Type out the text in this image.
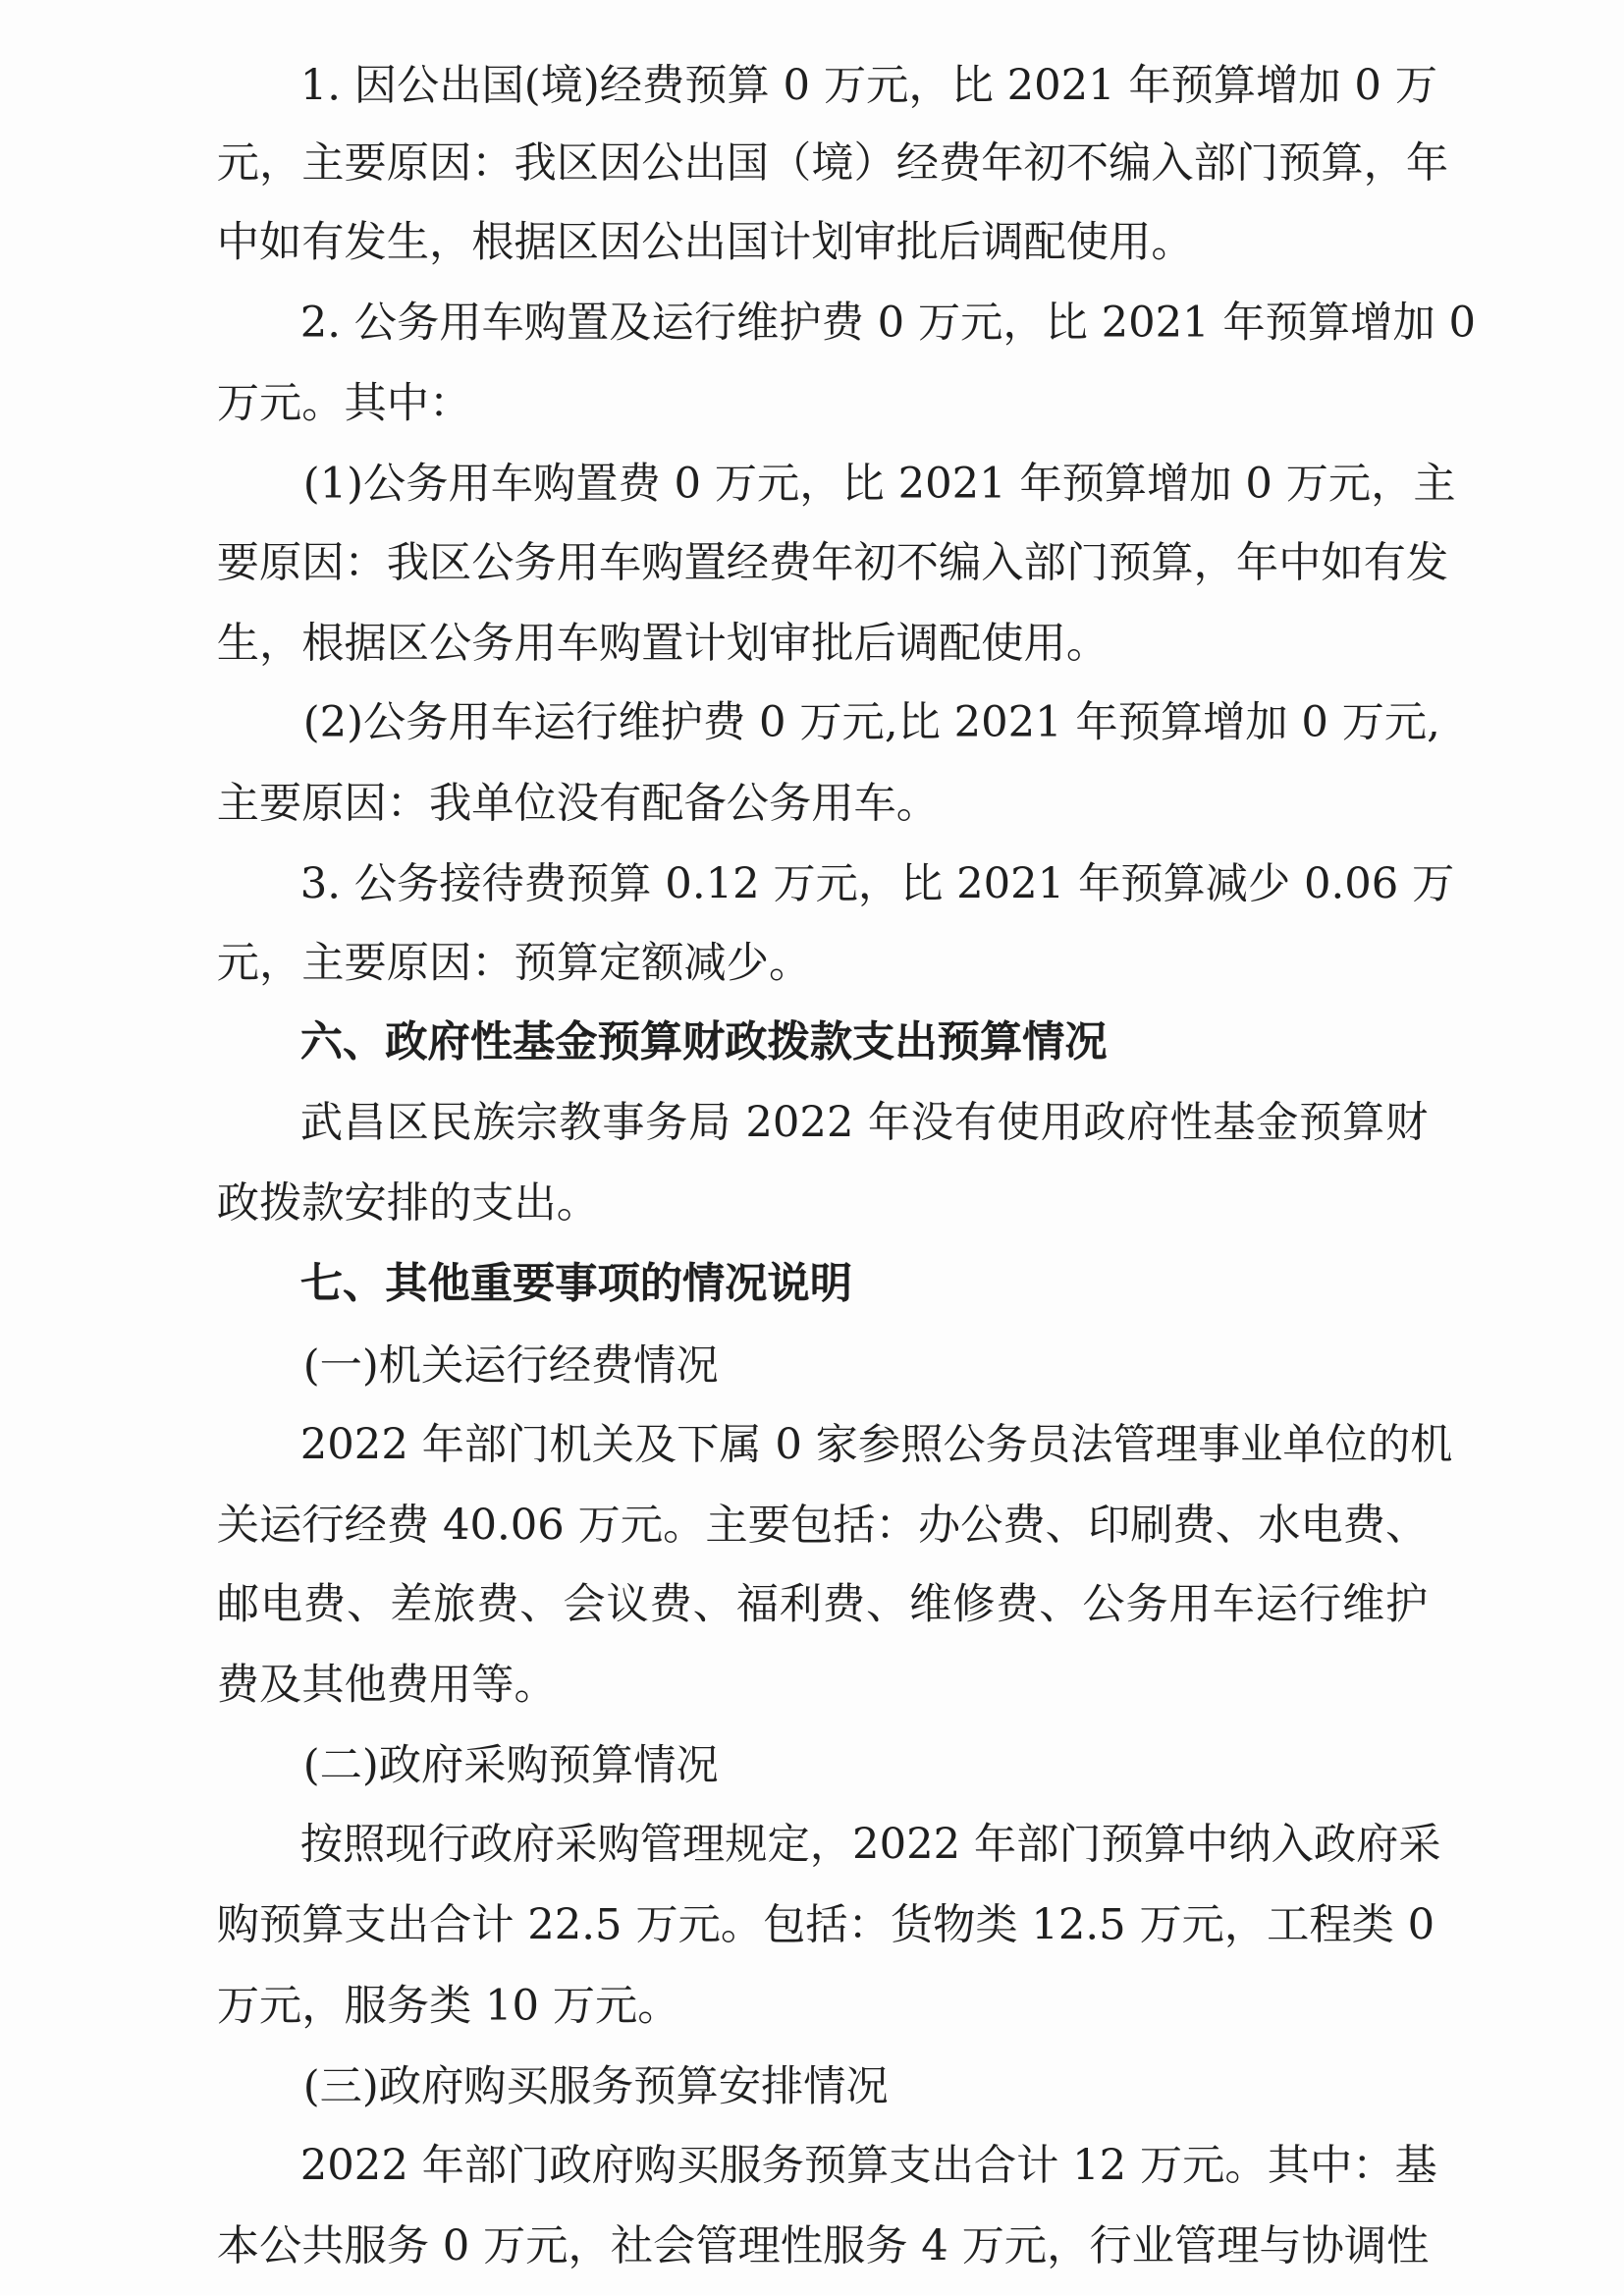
1. 因公出国(境)经费预算 0 万元，比 2021 年预算增加 0 万

元，主要原因：我区因公出国（境）经费年初不编入部门预算，年

中如有发生，根据区因公出国计划审批后调配使用。

2. 公务用车购置及运行维护费 0 万元，比 2021 年预算增加 0

万元。其中：

(1)公务用车购置费 0 万元，比 2021 年预算增加 0 万元，主

要原因：我区公务用车购置经费年初不编入部门预算，年中如有发

生，根据区公务用车购置计划审批后调配使用。

(2)公务用车运行维护费 0 万元,比 2021 年预算增加 0 万元,

主要原因：我单位没有配备公务用车。

3. 公务接待费预算 0.12 万元，比 2021 年预算减少 0.06 万

元，主要原因：预算定额减少。

六、政府性基金预算财政拨款支出预算情况

武昌区民族宗教事务局 2022 年没有使用政府性基金预算财

政拨款安排的支出。

七、其他重要事项的情况说明

(一)机关运行经费情况

2022 年部门机关及下属 0 家参照公务员法管理事业单位的机

关运行经费 40.06 万元。主要包括：办公费、印刷费、水电费、

邮电费、差旅费、会议费、福利费、维修费、公务用车运行维护

费及其他费用等。

(二)政府采购预算情况

按照现行政府采购管理规定，2022 年部门预算中纳入政府采

购预算支出合计 22.5 万元。包括：货物类 12.5 万元，工程类 0

万元，服务类 10 万元。

(三)政府购买服务预算安排情况

2022 年部门政府购买服务预算支出合计 12 万元。其中：基

本公共服务 0 万元，社会管理性服务 4 万元，行业管理与协调性
